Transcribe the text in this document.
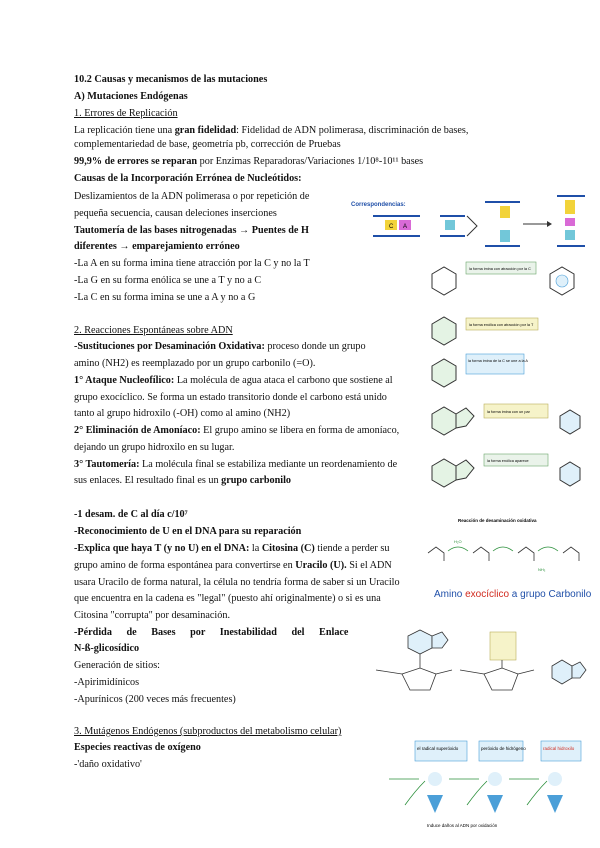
10.2 Causas y mecanismos de las mutaciones
A) Mutaciones Endógenas
1. Errores de Replicación
La replicación tiene una gran fidelidad: Fidelidad de ADN polimerasa, discriminación de bases,
complementariedad de base, geometría pb, corrección de Pruebas
99,9% de errores se reparan por Enzimas Reparadoras/Variaciones 1/10⁸-10¹¹ bases
Causas de la Incorporación Errónea de Nucleótidos:
Deslizamientos de la ADN polimerasa o por repetición de
pequeña secuencia, causan deleciones inserciones
Tautomería de las bases nitrogenadas → Puentes de H
diferentes → emparejamiento erróneo
-La A en su forma imina tiene atracción por la C y no la T
-La G en su forma enólica se une a T y no a C
-La C en su forma imina se une a A y no a G
2. Reacciones Espontáneas sobre ADN
-Sustituciones por Desaminación Oxidativa: proceso donde un grupo
amino (NH2) es reemplazado por un grupo carbonilo (=O).
1° Ataque Nucleofílico: La molécula de agua ataca el carbono que sostiene al
grupo exocíclico. Se forma un estado transitorio donde el carbono está unido
tanto al grupo hidroxilo (-OH) como al amino (NH2)
2° Eliminación de Amoníaco: El grupo amino se libera en forma de amoníaco,
dejando un grupo hidroxilo en su lugar.
3° Tautomería: La molécula final se estabiliza mediante un reordenamiento de
sus enlaces. El resultado final es un grupo carbonilo
-1 desam. de C al día c/10⁷
-Reconocimiento de U en el DNA para su reparación
-Explica que haya T (y no U) en el DNA: la Citosina (C) tiende a perder su
grupo amino de forma espontánea para convertirse en Uracilo (U). Si el ADN
usara Uracilo de forma natural, la célula no tendría forma de saber si un Uracilo
que encuentra en la cadena es "legal" (puesto ahí originalmente) o si es una
Citosina "corrupta" por desaminación.
-Pérdida de Bases por Inestabilidad del Enlace
N-ß-glicosídico
Generación de sitios:
-Apirimidínicos
-Apurínicos (200 veces más frecuentes)
3. Mutágenos Endógenos (subproductos del metabolismo celular)
Especies reactivas de oxígeno
-'daño oxidativo'
Correspondencias:
C A
la forma imina con atracción por la C
la forma enólica con atracción por la T
la forma imina de la C se une a la A
la forma imina con un par
la forma enólica aparece
Reacción de desaminación oxidativa
H₂O
NH₃
Amino exocíclico a grupo Carbonilo
el radical superóxido	peróxido de hidrógeno	radical hidroxilo
Induce daños al ADN por oxidación
